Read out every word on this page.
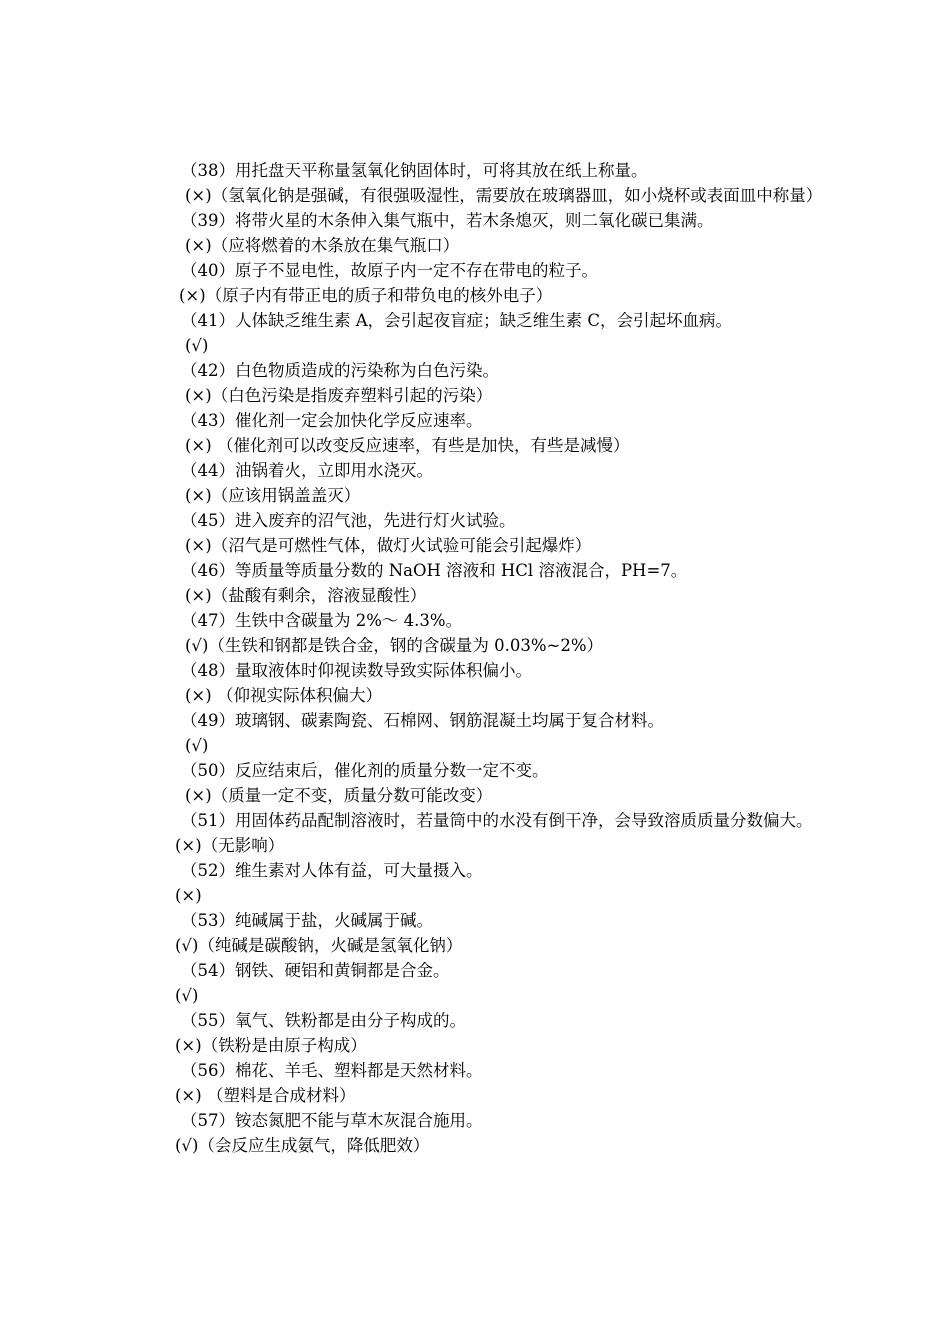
（38）用托盘天平称量氢氧化钠固体时，可将其放在纸上称量。
(×)（氢氧化钠是强碱，有很强吸湿性，需要放在玻璃器皿，如小烧杯或表面皿中称量）
（39）将带火星的木条伸入集气瓶中，若木条熄灭，则二氧化碳已集满。
(×)（应将燃着的木条放在集气瓶口）
（40）原子不显电性，故原子内一定不存在带电的粒子。
(×)（原子内有带正电的质子和带负电的核外电子）
（41）人体缺乏维生素 A，会引起夜盲症；缺乏维生素 C，会引起坏血病。
(√)
（42）白色物质造成的污染称为白色污染。
(×)（白色污染是指废弃塑料引起的污染）
（43）催化剂一定会加快化学反应速率。
(×) （催化剂可以改变反应速率，有些是加快，有些是减慢）
（44）油锅着火，立即用水浇灭。
(×)（应该用锅盖盖灭）
（45）进入废弃的沼气池，先进行灯火试验。
(×)（沼气是可燃性气体，做灯火试验可能会引起爆炸）
（46）等质量等质量分数的 NaOH 溶液和 HCl 溶液混合，PH=7。
(×)（盐酸有剩余，溶液显酸性）
（47）生铁中含碳量为 2%～ 4.3%。
(√)（生铁和钢都是铁合金，钢的含碳量为 0.03%~2%）
（48）量取液体时仰视读数导致实际体积偏小。
(×) （仰视实际体积偏大）
（49）玻璃钢、碳素陶瓷、石棉网、钢筋混凝土均属于复合材料。
(√)
（50）反应结束后，催化剂的质量分数一定不变。
(×)（质量一定不变，质量分数可能改变）
（51）用固体药品配制溶液时，若量筒中的水没有倒干净，会导致溶质质量分数偏大。
(×)（无影响）
（52）维生素对人体有益，可大量摄入。
(×)
（53）纯碱属于盐，火碱属于碱。
(√)（纯碱是碳酸钠，火碱是氢氧化钠）
（54）钢铁、硬铝和黄铜都是合金。
(√)
（55）氧气、铁粉都是由分子构成的。
(×)（铁粉是由原子构成）
（56）棉花、羊毛、塑料都是天然材料。
(×) （塑料是合成材料）
（57）铵态氮肥不能与草木灰混合施用。
(√)（会反应生成氨气，降低肥效）
